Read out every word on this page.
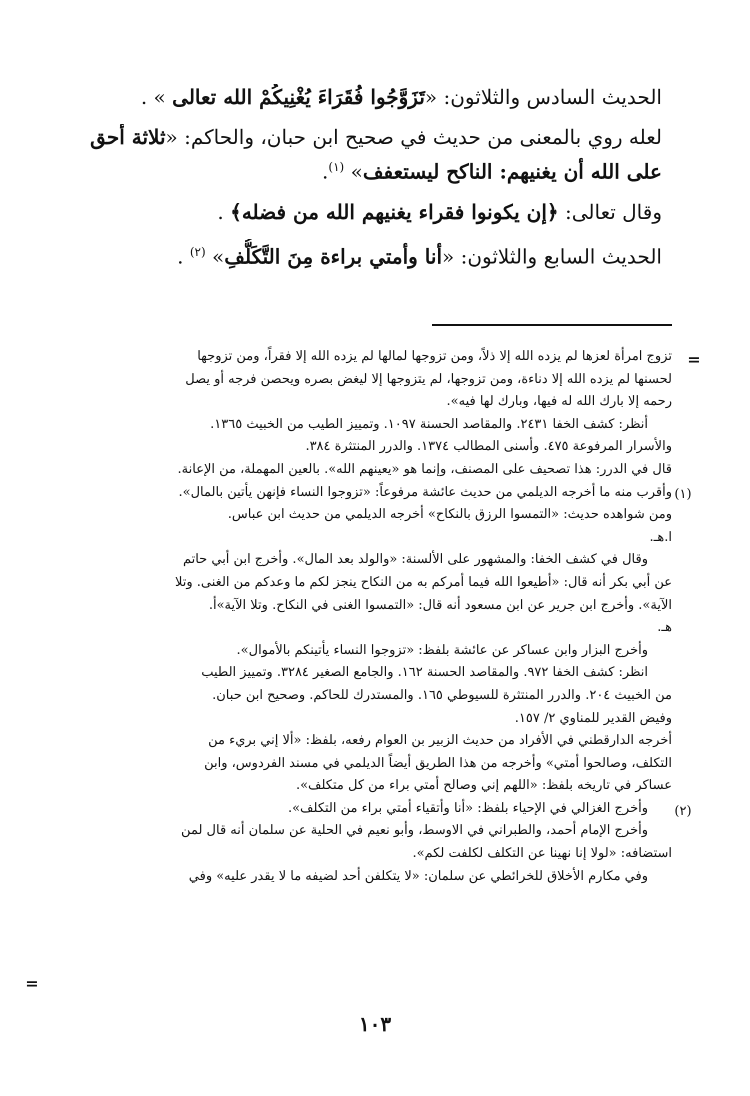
الحديث السادس والثلاثون: «تَزَوَّجُوا فُقَرَاءَ يُغْنِيكُمْ الله تعالى » .
لعله روي بالمعنى من حديث في صحيح ابن حبان، والحاكم: «ثلاثة أحق
على الله أن يغنيهم: الناكح ليستعفف» $^{(١)}$.
وقال تعالى: ﴿إن يكونوا فقراء يغنيهم الله من فضله﴾ .
الحديث السابع والثلاثون: «أنا وأمتي براءة مِنَ التَّكَلُّفِ» $^{(٢)}$ .
=
(١)
(٢)
=
تزوج امرأة لعزها لم يزده الله إلا ذلاً، ومن تزوجها لمالها لم يزده الله إلا فقراً، ومن تزوجها
لحسنها لم يزده الله إلا دناءة، ومن تزوجها، لم يتزوجها إلا ليغض بصره ويحصن فرجه أو يصل
رحمه إلا بارك الله له فيها، وبارك لها فيه».
أنظر: كشف الخفا ٢٤٣١. والمقاصد الحسنة ١٠٩٧. وتمييز الطيب من الخبيث ١٣٦٥.
والأسرار المرفوعة ٤٧٥. وأسنى المطالب ١٣٧٤. والدرر المنتثرة ٣٨٤.
قال في الدرر: هذا تصحيف على المصنف، وإنما هو «يعينهم الله». بالعين المهملة، من الإعانة.
وأقرب منه ما أخرجه الديلمي من حديث عائشة مرفوعاً: «تزوجوا النساء فإنهن يأتين بالمال».
ومن شواهده حديث: «التمسوا الرزق بالنكاح» أخرجه الديلمي من حديث ابن عباس.
ا.هـ.
وقال في كشف الخفا: والمشهور على الألسنة: «والولد بعد المال». وأخرج ابن أبي حاتم
عن أبي بكر أنه قال: «أطيعوا الله فيما أمركم به من النكاح ينجز لكم ما وعدكم من الغنى. وتلا
الآية». وأخرج ابن جرير عن ابن مسعود أنه قال: «التمسوا الغنى في النكاح. وتلا الآية»أ.
هـ.
وأخرج البزار وابن عساكر عن عائشة بلفظ: «تزوجوا النساء يأتينكم بالأموال».
انظر: كشف الخفا ٩٧٢. والمقاصد الحسنة ١٦٢. والجامع الصغير ٣٢٨٤. وتمييز الطيب
من الخبيث ٢٠٤. والدرر المنتثرة للسيوطي ١٦٥. والمستدرك للحاكم. وصحيح ابن حبان.
وفيض القدير للمناوي ٢/ ١٥٧.
أخرجه الدارقطني في الأفراد من حديث الزبير بن العوام رفعه، بلفظ: «ألا إني بريء من
التكلف، وصالحوا أمتي» وأخرجه من هذا الطريق أيضاً الديلمي في مسند الفردوس، وابن
عساكر في تاريخه بلفظ: «اللهم إني وصالح أمتي براء من كل متكلف».
وأخرج الغزالي في الإحياء بلفظ: «أنا وأتقياء أمتي براء من التكلف».
وأخرج الإمام أحمد، والطبراني في الاوسط، وأبو نعيم في الحلية عن سلمان أنه قال لمن
استضافه: «لولا إنا نهينا عن التكلف لكلفت لكم».
وفي مكارم الأخلاق للخرائطي عن سلمان: «لا يتكلفن أحد لضيفه ما لا يقدر عليه» وفي
١٠٣
